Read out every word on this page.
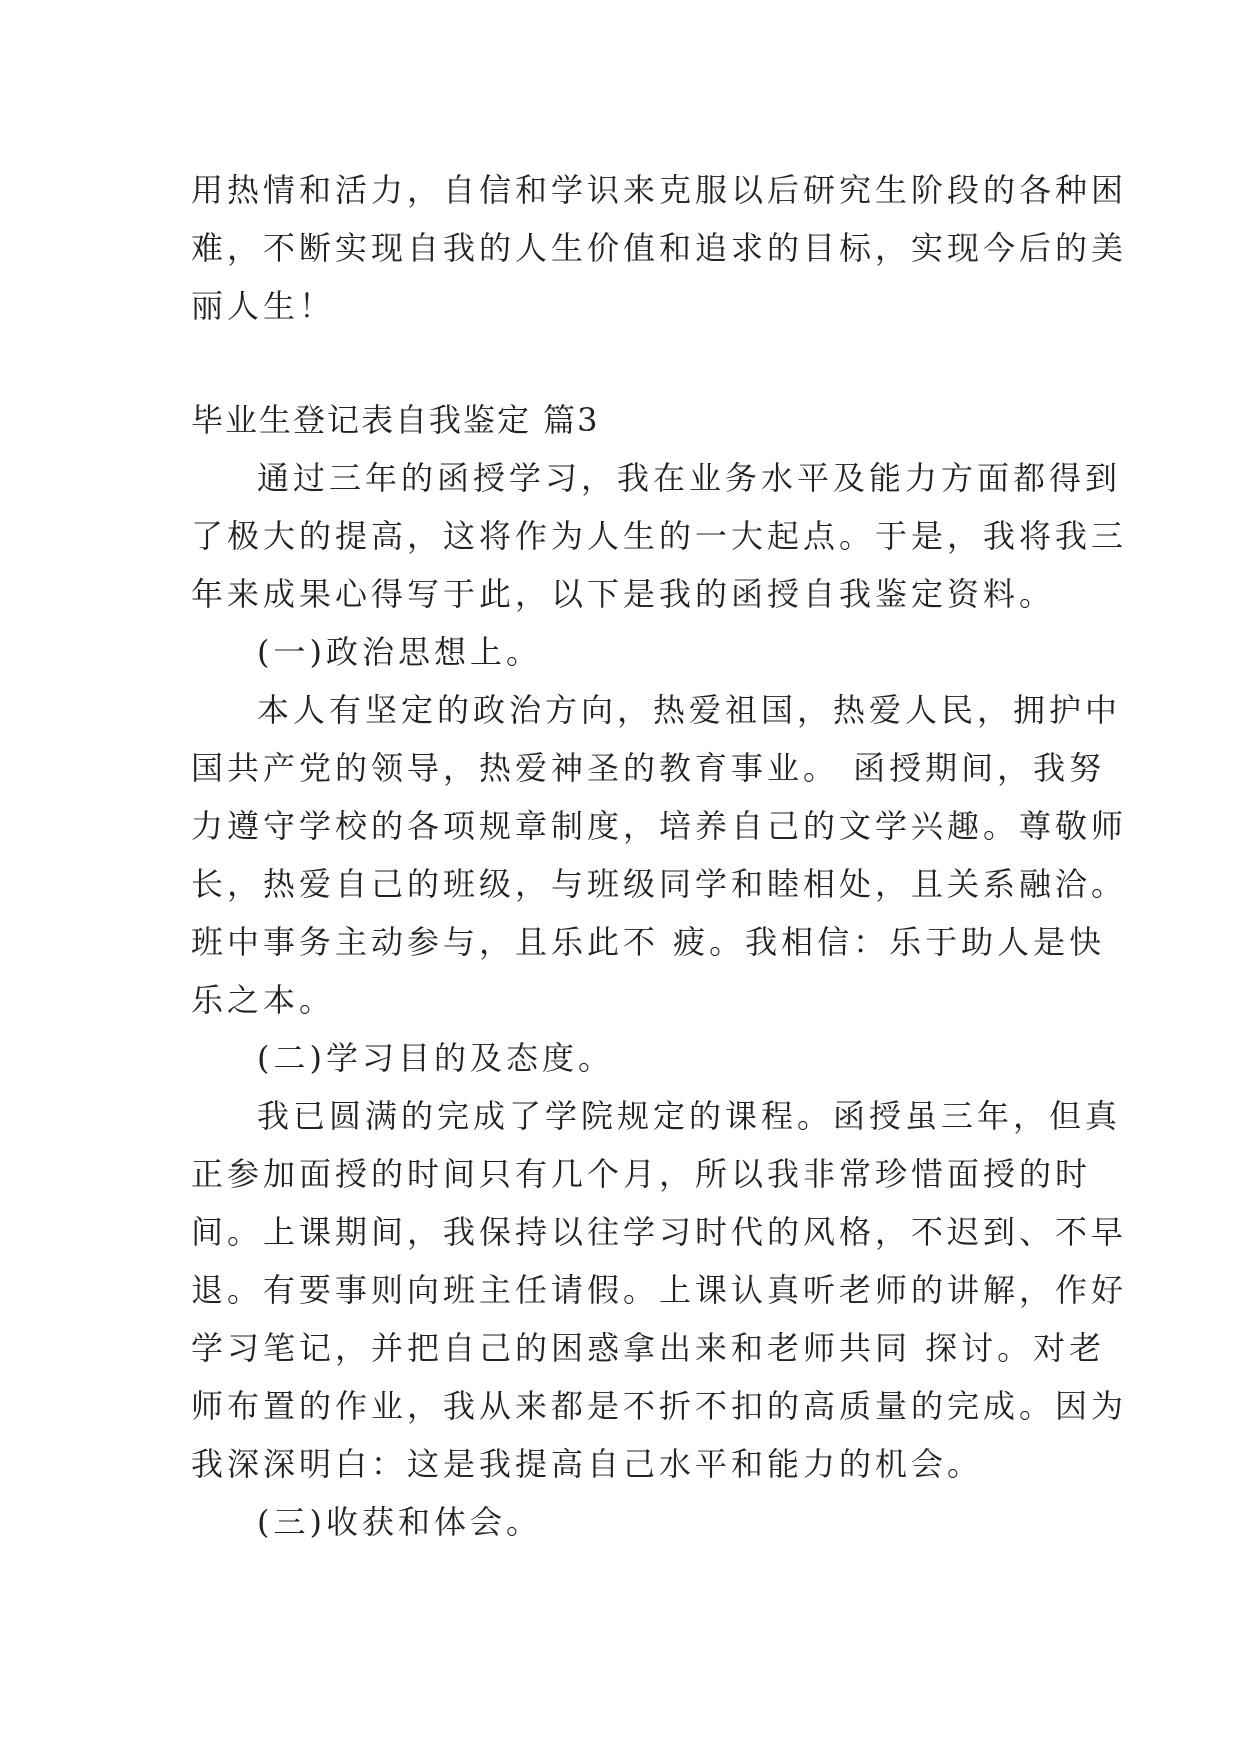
用热情和活力，自信和学识来克服以后研究生阶段的各种困
难，不断实现自我的人生价值和追求的目标，实现今后的美
丽人生！
毕业生登记表自我鉴定 篇3
通过三年的函授学习，我在业务水平及能力方面都得到
了极大的提高，这将作为人生的一大起点。于是，我将我三
年来成果心得写于此，以下是我的函授自我鉴定资料。
(一)政治思想上。
本人有坚定的政治方向，热爱祖国，热爱人民，拥护中
国共产党的领导，热爱神圣的教育事业。 函授期间，我努
力遵守学校的各项规章制度，培养自己的文学兴趣。尊敬师
长，热爱自己的班级，与班级同学和睦相处，且关系融洽。
班中事务主动参与，且乐此不 疲。我相信：乐于助人是快
乐之本。
(二)学习目的及态度。
我已圆满的完成了学院规定的课程。函授虽三年，但真
正参加面授的时间只有几个月，所以我非常珍惜面授的时
间。上课期间，我保持以往学习时代的风格，不迟到、不早
退。有要事则向班主任请假。上课认真听老师的讲解，作好
学习笔记，并把自己的困惑拿出来和老师共同 探讨。对老
师布置的作业，我从来都是不折不扣的高质量的完成。因为
我深深明白：这是我提高自己水平和能力的机会。
(三)收获和体会。
